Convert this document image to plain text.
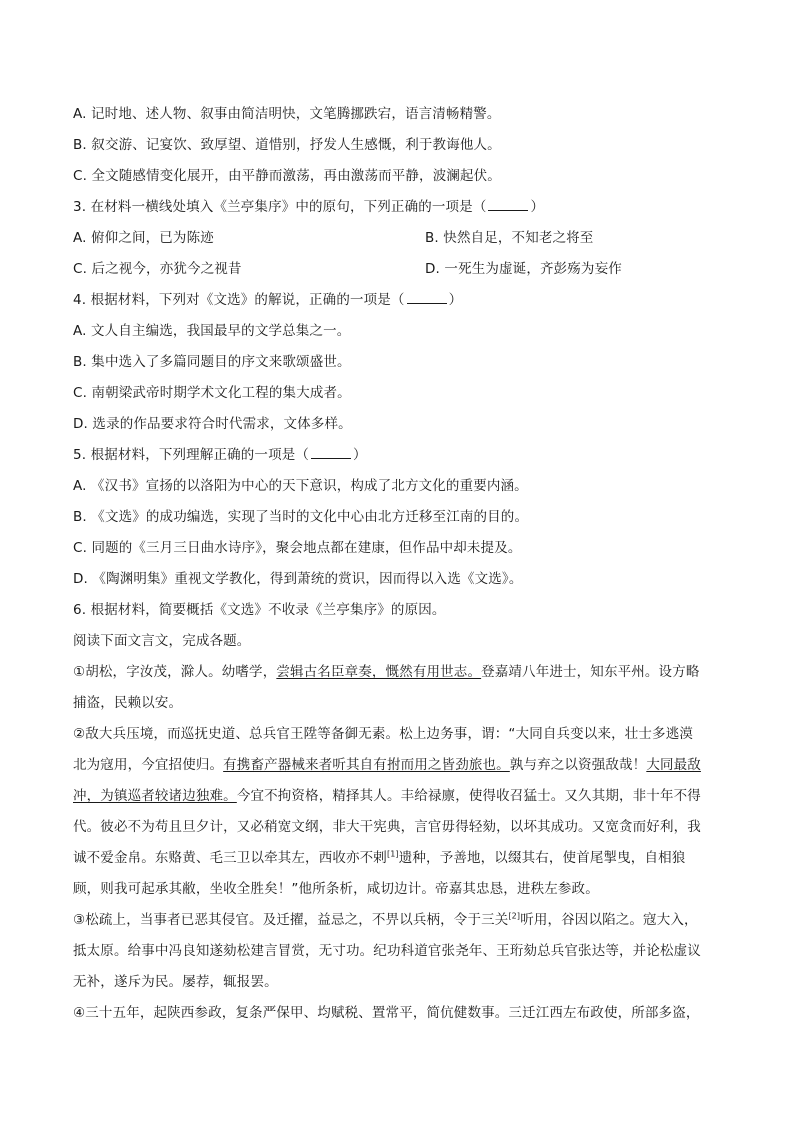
A. 记时地、述人物、叙事由简洁明快，文笔腾挪跌宕，语言清畅精警。
B. 叙交游、记宴饮、致厚望、道惜别，抒发人生感慨，利于教诲他人。
C. 全文随感情变化展开，由平静而激荡，再由激荡而平静，波澜起伏。
3. 在材料一横线处填入《兰亭集序》中的原句，下列正确的一项是（	）
A. 俯仰之间，已为陈迹	B. 快然自足，不知老之将至
C. 后之视今，亦犹今之视昔	D. 一死生为虚诞，齐彭殇为妄作
4. 根据材料，下列对《文选》的解说，正确的一项是（	）
A. 文人自主编选，我国最早的文学总集之一。
B. 集中选入了多篇同题目的序文来歌颂盛世。
C. 南朝梁武帝时期学术文化工程的集大成者。
D. 选录的作品要求符合时代需求，文体多样。
5. 根据材料，下列理解正确的一项是（	）
A. 《汉书》宣扬的以洛阳为中心的天下意识，构成了北方文化的重要内涵。
B. 《文选》的成功编选，实现了当时的文化中心由北方迁移至江南的目的。
C. 同题的《三月三日曲水诗序》，聚会地点都在建康，但作品中却未提及。
D. 《陶渊明集》重视文学教化，得到萧统的赏识，因而得以入选《文选》。
6. 根据材料，简要概括《文选》不收录《兰亭集序》的原因。
阅读下面文言文，完成各题。
①胡松，字汝茂，滁人。幼嗜学，尝辑古名臣章奏，慨然有用世志。登嘉靖八年进士，知东平州。设方略
捕盗，民赖以安。
②敌大兵压境，而巡抚史道、总兵官王陞等备御无素。松上边务事，谓：“大同自兵变以来，壮士多逃漠
北为寇用，今宜招使归。有携畜产器械来者听其自有拊而用之皆劲旅也。孰与弃之以资强敌哉！大同最敌
冲，为镇巡者较诸边独难。今宜不拘资格，精择其人。丰给禄廪，使得收召猛士。又久其期，非十年不得
代。彼必不为苟且旦夕计，又必稍宽文纲，非大干宪典，言官毋得轻劾，以坏其成功。又宽贪而好利，我
诚不爱金帛。东赂黄、毛三卫以牵其左，西收亦不剌[1]遗种，予善地，以缀其右，使首尾掣曳，自相狼
顾，则我可起承其敝，坐收全胜矣！”他所条析，咸切边计。帝嘉其忠恳，进秩左参政。
③松疏上，当事者已恶其侵官。及迁擢，益忌之，不畀以兵柄，令于三关[2]听用，谷因以陷之。寇大入，
抵太原。给事中冯良知遂劾松建言冒赏，无寸功。纪功科道官张尧年、王珩劾总兵官张达等，并论松虚议
无补，遂斥为民。屡荐，辄报罢。
④三十五年，起陕西参政，复条严保甲、均赋税、置常平，简伉健数事。三迁江西左布政使，所部多盗，
